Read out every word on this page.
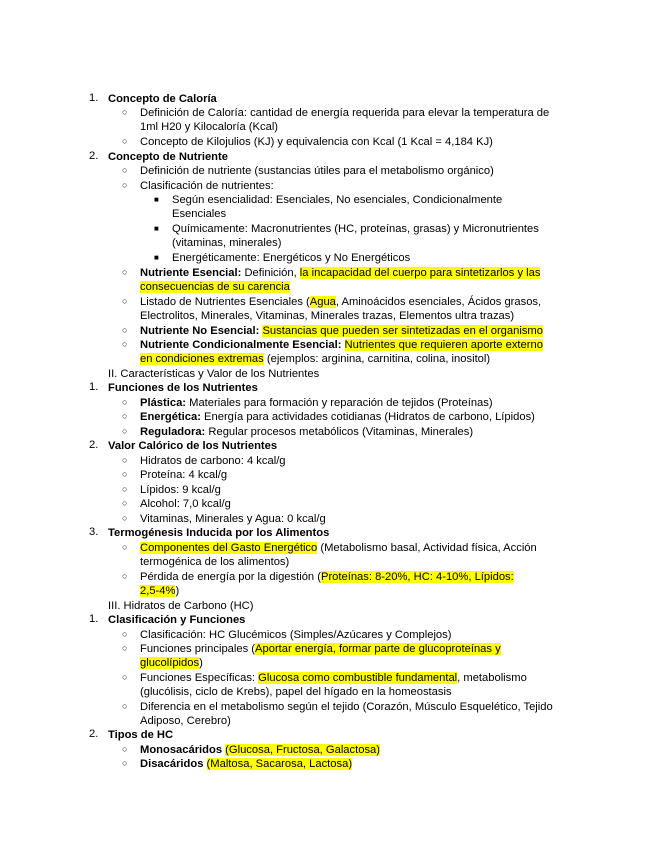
1. Concepto de Caloría
○ Definición de Caloría: cantidad de energía requerida para elevar la temperatura de
1ml H20 y Kilocaloría (Kcal)
○ Concepto de Kilojulios (KJ) y equivalencia con Kcal (1 Kcal = 4,184 KJ)
2. Concepto de Nutriente
○ Definición de nutriente (sustancias útiles para el metabolismo orgánico)
○ Clasificación de nutrientes:
■ Según esencialidad: Esenciales, No esenciales, Condicionalmente
Esenciales
■ Químicamente: Macronutrientes (HC, proteínas, grasas) y Micronutrientes
(vitaminas, minerales)
■ Energéticamente: Energéticos y No Energéticos
○ Nutriente Esencial: Definición, la incapacidad del cuerpo para sintetizarlos y las
consecuencias de su carencia
○ Listado de Nutrientes Esenciales (Agua, Aminoácidos esenciales, Ácidos grasos,
Electrolitos, Minerales, Vitaminas, Minerales trazas, Elementos ultra trazas)
○ Nutriente No Esencial: Sustancias que pueden ser sintetizadas en el organismo
○ Nutriente Condicionalmente Esencial: Nutrientes que requieren aporte externo
en condiciones extremas (ejemplos: arginina, carnitina, colina, inositol)
II. Características y Valor de los Nutrientes
1. Funciones de los Nutrientes
○ Plástica: Materiales para formación y reparación de tejidos (Proteínas)
○ Energética: Energía para actividades cotidianas (Hidratos de carbono, Lípidos)
○ Reguladora: Regular procesos metabólicos (Vitaminas, Minerales)
2. Valor Calórico de los Nutrientes
○ Hidratos de carbono: 4 kcal/g
○ Proteína: 4 kcal/g
○ Lípidos: 9 kcal/g
○ Alcohol: 7,0 kcal/g
○ Vitaminas, Minerales y Agua: 0 kcal/g
3. Termogénesis Inducida por los Alimentos
○ Componentes del Gasto Energético (Metabolismo basal, Actividad física, Acción
termogénica de los alimentos)
○ Pérdida de energía por la digestión (Proteínas: 8-20%, HC: 4-10%, Lípidos:
2,5-4%)
III. Hidratos de Carbono (HC)
1. Clasificación y Funciones
○ Clasificación: HC Glucémicos (Simples/Azúcares y Complejos)
○ Funciones principales (Aportar energía, formar parte de glucoproteínas y
glucolípidos)
○ Funciones Específicas: Glucosa como combustible fundamental, metabolismo
(glucólisis, ciclo de Krebs), papel del hígado en la homeostasis
○ Diferencia en el metabolismo según el tejido (Corazón, Músculo Esquelético, Tejido
Adiposo, Cerebro)
2. Tipos de HC
○ Monosacáridos (Glucosa, Fructosa, Galactosa)
○ Disacáridos (Maltosa, Sacarosa, Lactosa)
